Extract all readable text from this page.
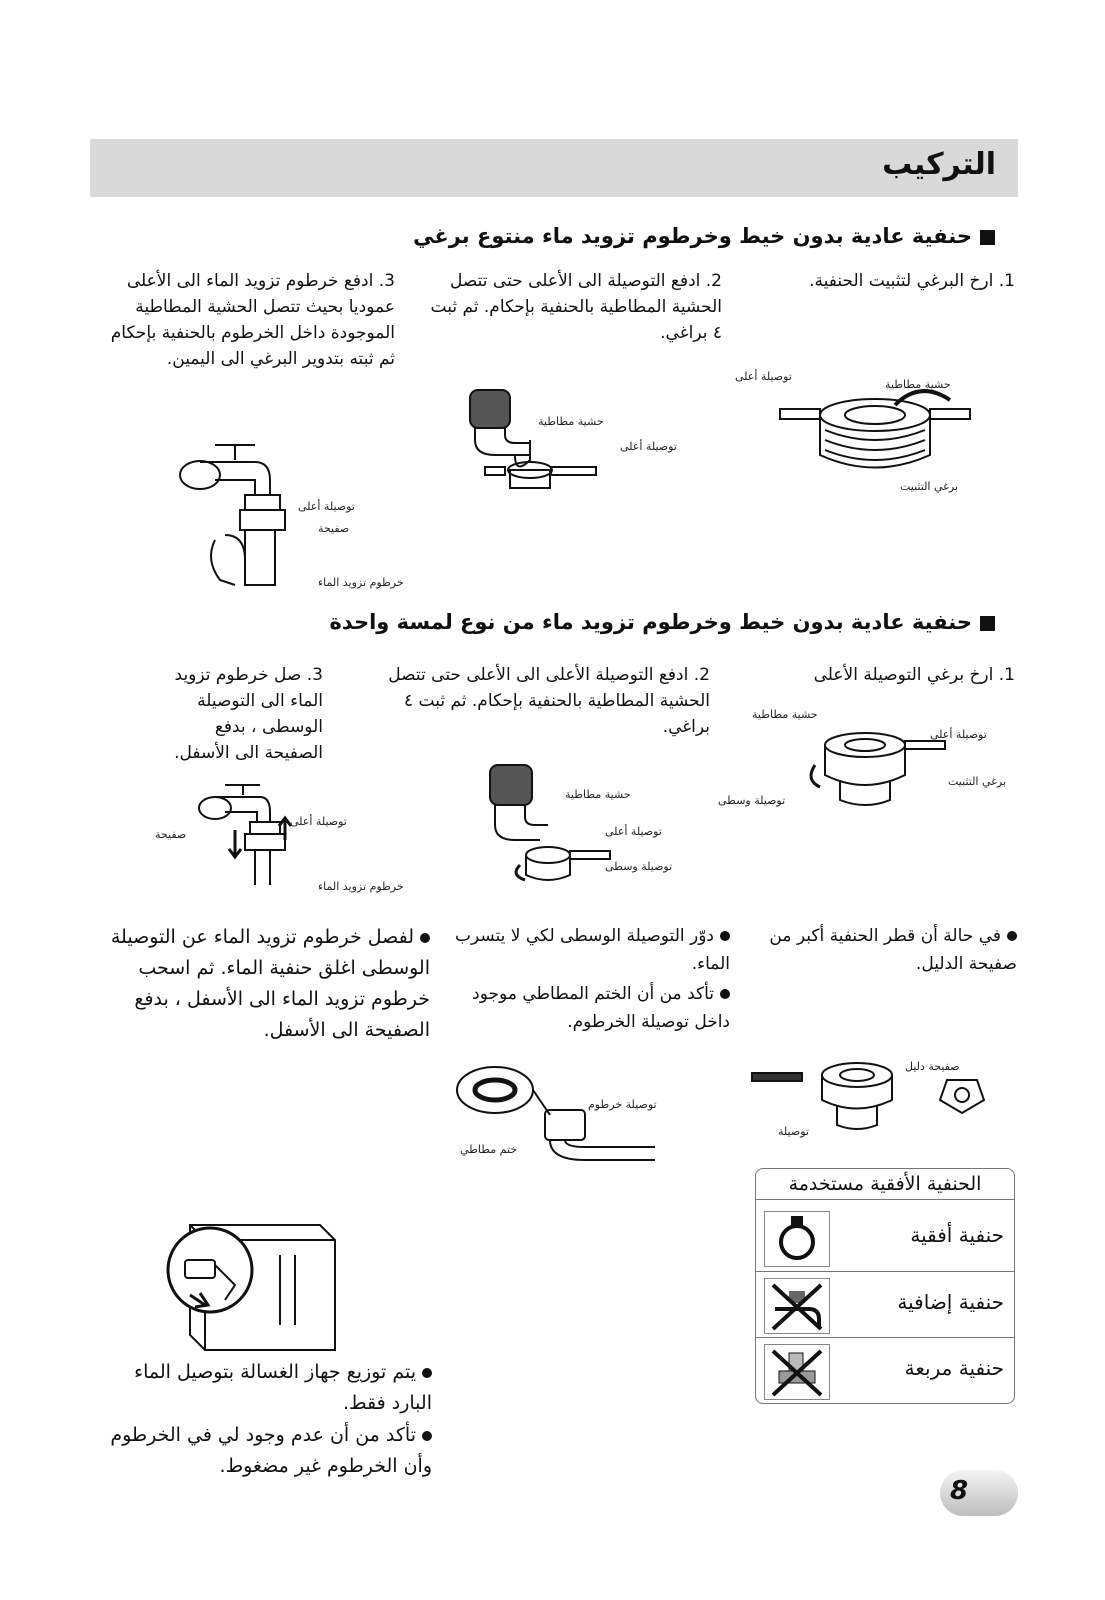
التركيب
حنفية عادية بدون خيط وخرطوم تزويد ماء منتوع برغي
1. ارخ البرغي لتثبيت الحنفية.
2. ادفع التوصيلة الى الأعلى حتى تتصل الحشية المطاطية بالحنفية بإحكام. ثم ثبت ٤ براغي.
3. ادفع خرطوم تزويد الماء الى الأعلى عموديا بحيث تتصل الحشية المطاطية الموجودة داخل الخرطوم بالحنفية بإحكام ثم ثبته بتدوير البرغي الى اليمين.
توصيلة أعلى
حشية مطاطية
برغي التثبيت
حشية مطاطية
توصيلة أعلى
توصيلة أعلى
صفيحة
خرطوم تزويد الماء
حنفية عادية بدون خيط وخرطوم تزويد ماء من نوع لمسة واحدة
1. ارخ برغي التوصيلة الأعلى
2. ادفع التوصيلة الأعلى الى الأعلى حتى تتصل الحشية المطاطية بالحنفية بإحكام. ثم ثبت ٤ براغي.
3. صل خرطوم تزويد الماء الى التوصيلة الوسطى ، بدفع الصفيحة الى الأسفل.
حشية مطاطية
توصيلة أعلى
برغي التثبيت
توصيلة وسطى
حشية مطاطية
توصيلة أعلى
توصيلة وسطى
توصيلة أعلى
صفيحة
خرطوم تزويد الماء
في حالة أن قطر الحنفية أكبر من صفيحة الدليل.
دوّر التوصيلة الوسطى لكي لا يتسرب الماء.
تأكد من أن الختم المطاطي موجود داخل توصيلة الخرطوم.
لفصل خرطوم تزويد الماء عن التوصيلة الوسطى اغلق حنفية الماء. ثم اسحب خرطوم تزويد الماء الى الأسفل ، بدفع الصفيحة الى الأسفل.
صفيحة دليل
توصيلة
توصيلة خرطوم
ختم مطاطي
يتم توزيع جهاز الغسالة بتوصيل الماء البارد فقط.
تأكد من أن عدم وجود لي في الخرطوم وأن الخرطوم غير مضغوط.
الحنفية الأفقية مستخدمة
حنفية أفقية
حنفية إضافية
حنفية مربعة
8
